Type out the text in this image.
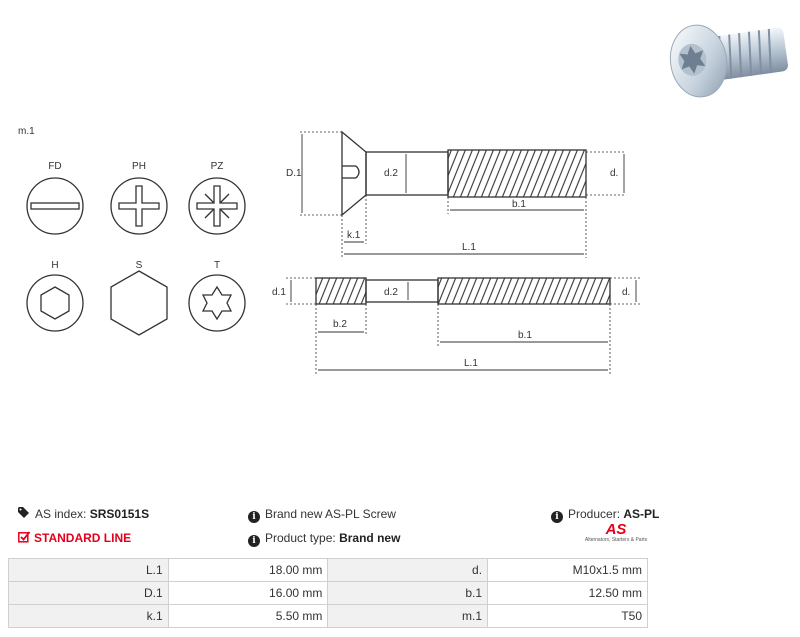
m.1
FD	PH	PZ
H	S	T
D.1	d.2	d.
k.1
b.1
L.1
d.1	d.2	d.
b.2
b.1
L.1
AS index: SRS0151S
STANDARD LINE
i Brand new AS-PL Screw
i Product type: Brand new
i Producer: AS-PL
AS
Alternators, Starters & Parts
L.1	18.00 mm	d.	M10x1.5 mm
D.1	16.00 mm	b.1	12.50 mm
k.1	5.50 mm	m.1	T50
